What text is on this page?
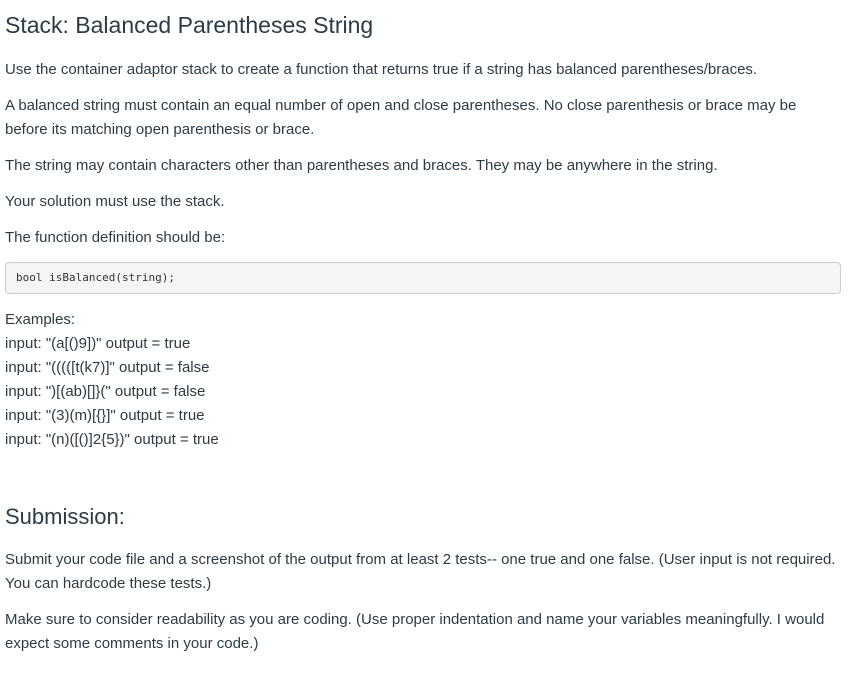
Stack: Balanced Parentheses String

Use the container adaptor stack to create a function that returns true if a string has balanced parentheses/braces.

A balanced string must contain an equal number of open and close parentheses. No close parenthesis or brace may be before its matching open parenthesis or brace.

The string may contain characters other than parentheses and braces. They may be anywhere in the string.

Your solution must use the stack.

The function definition should be:

bool isBalanced(string);
Examples:
input: "(a[()9])" output = true
input: "(((([t(k7)]" output = false
input: ")[(ab)[]}(" output = false
input: "(3)(m)[{}]" output = true
input: "(n)([()]2{5})" output = true
Submission:

Submit your code file and a screenshot of the output from at least 2 tests-- one true and one false. (User input is not required. You can hardcode these tests.)

Make sure to consider readability as you are coding. (Use proper indentation and name your variables meaningfully. I would expect some comments in your code.)
